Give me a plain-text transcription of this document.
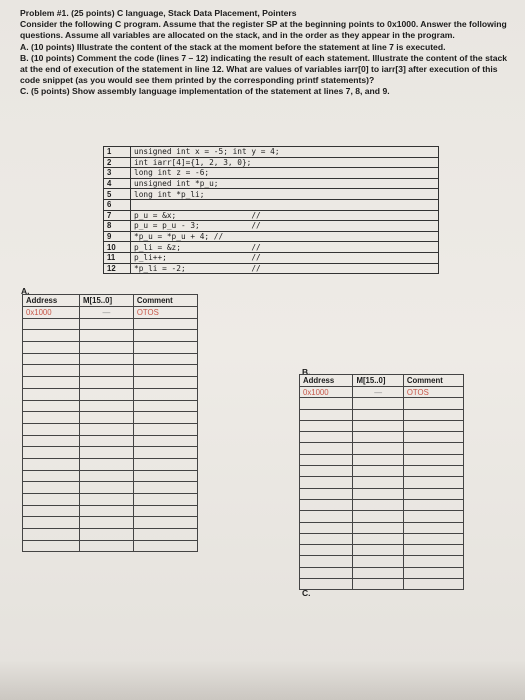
Problem #1. (25 points) C language, Stack Data Placement, Pointers

Consider the following C program. Assume that the register SP at the beginning points to 0x1000. Answer the following questions. Assume all variables are allocated on the stack, and in the order as they appear in the program.

A. (10 points) Illustrate the content of the stack at the moment before the statement at line 7 is executed.

B. (10 points) Comment the code (lines 7 – 12) indicating the result of each statement. Illustrate the content of the stack at the end of execution of the statement in line 12. What are values of variables iarr[0] to iarr[3] after execution of this code snippet (as you would see them printed by the corresponding printf statements)?

C. (5 points) Show assembly language implementation of the statement at lines 7, 8, and 9.

1	unsigned int x = -5; int y = 4;
2	int iarr[4]={1, 2, 3, 0};
3	long int z = -6;
4	unsigned int *p_u;
5	long int *p_li;
6	
7	p_u = &x;                //
8	p_u = p_u - 3;           //
9	*p_u = *p_u + 4; //
10	p_li = &z;               //
11	p_li++;                  //
12	*p_li = -2;              //
A.
Address	M[15..0]	Comment
0x1000	—	OTOS

B.
Address	M[15..0]	Comment
0x1000	—	OTOS

C.
